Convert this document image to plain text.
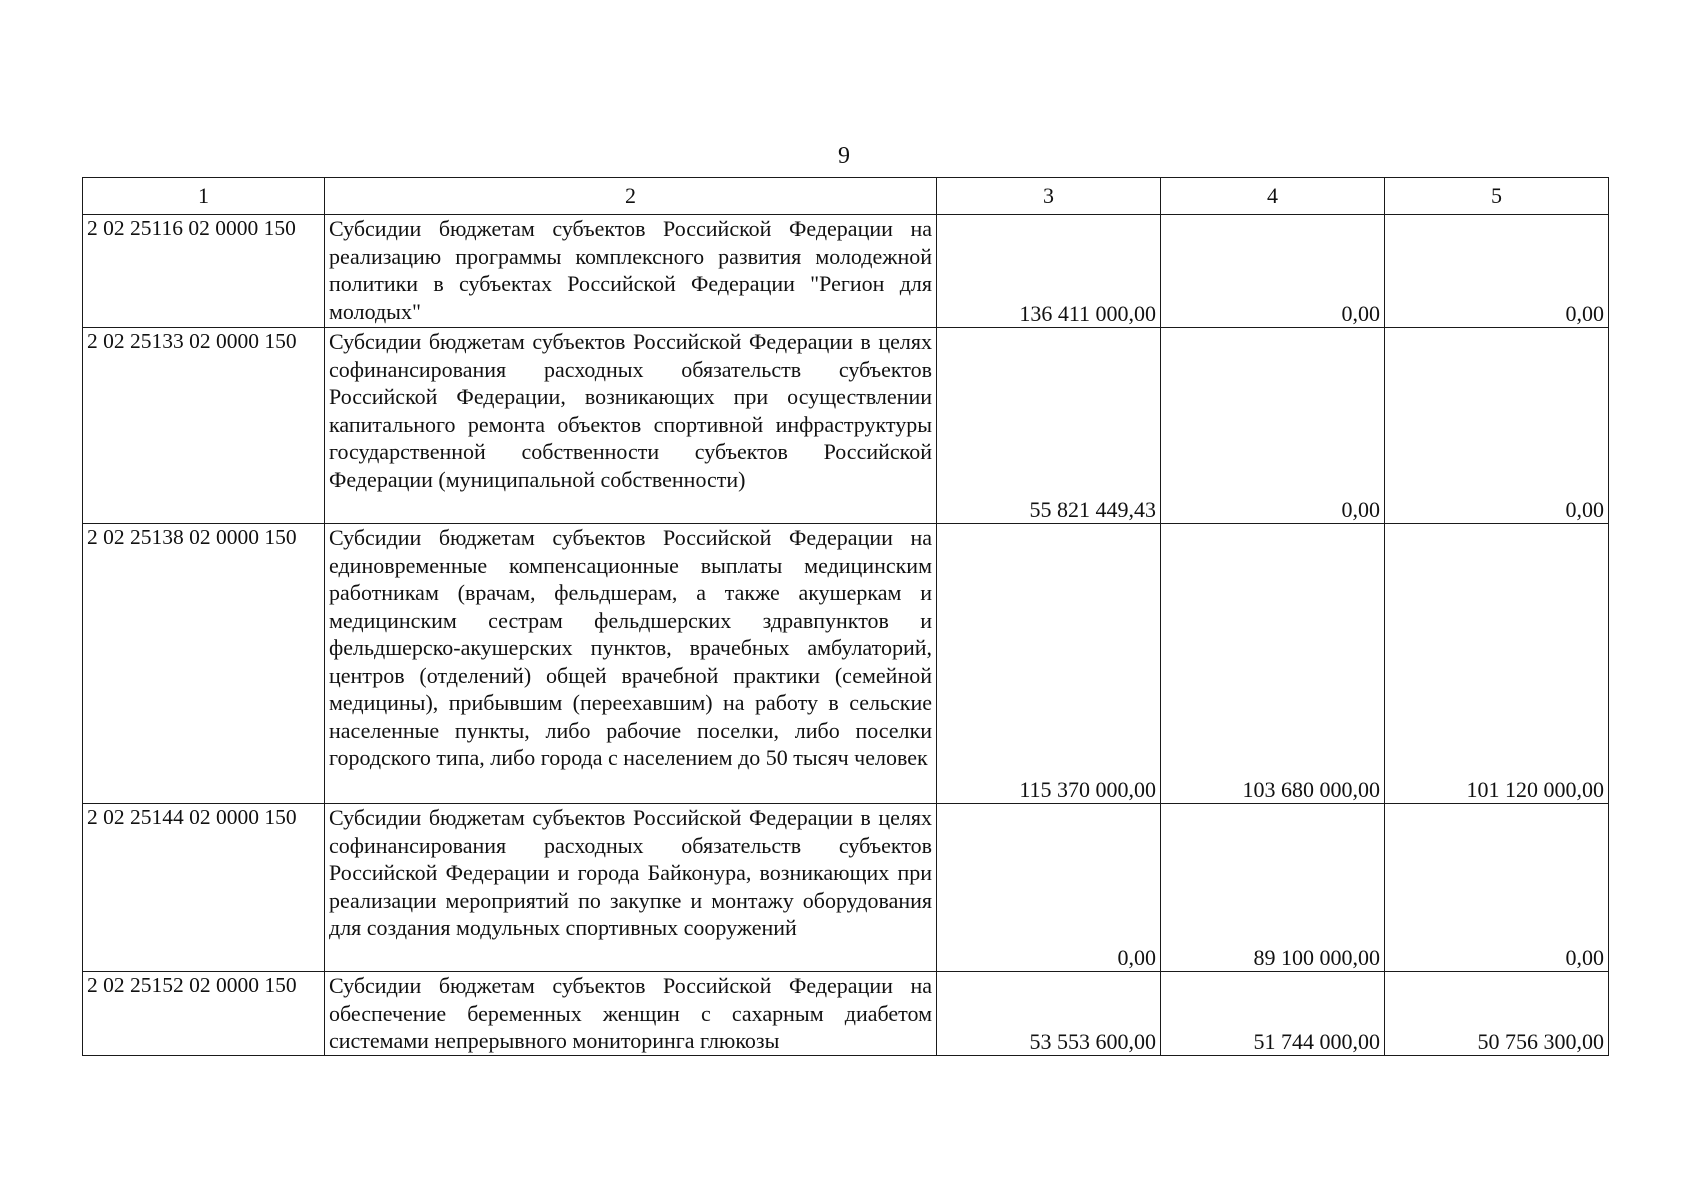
9
1	2	3	4	5
2 02 25116 02 0000 150	Субсидии бюджетам субъектов Российской Федерации на реализацию программы комплексного развития молодежной политики в субъектах Российской Федерации "Регион для молодых"	136 411 000,00	0,00	0,00
2 02 25133 02 0000 150	Субсидии бюджетам субъектов Российской Федерации в целях софинансирования расходных обязательств субъектов Российской Федерации, возникающих при осуществлении капитального ремонта объектов спортивной инфраструктуры государственной собственности субъектов Российской Федерации (муниципальной собственности)	55 821 449,43	0,00	0,00
2 02 25138 02 0000 150	Субсидии бюджетам субъектов Российской Федерации на единовременные компенсационные выплаты медицинским работникам (врачам, фельдшерам, а также акушеркам и медицинским сестрам фельдшерских здравпунктов и фельдшерско-акушерских пунктов, врачебных амбулаторий, центров (отделений) общей врачебной практики (семейной медицины), прибывшим (переехавшим) на работу в сельские населенные пункты, либо рабочие поселки, либо поселки городского типа, либо города с населением до 50 тысяч человек	115 370 000,00	103 680 000,00	101 120 000,00
2 02 25144 02 0000 150	Субсидии бюджетам субъектов Российской Федерации в целях софинансирования расходных обязательств субъектов Российской Федерации и города Байконура, возникающих при реализации мероприятий по закупке и монтажу оборудования для создания модульных спортивных сооружений	0,00	89 100 000,00	0,00
2 02 25152 02 0000 150	Субсидии бюджетам субъектов Российской Федерации на обеспечение беременных женщин с сахарным диабетом системами непрерывного мониторинга глюкозы	53 553 600,00	51 744 000,00	50 756 300,00
